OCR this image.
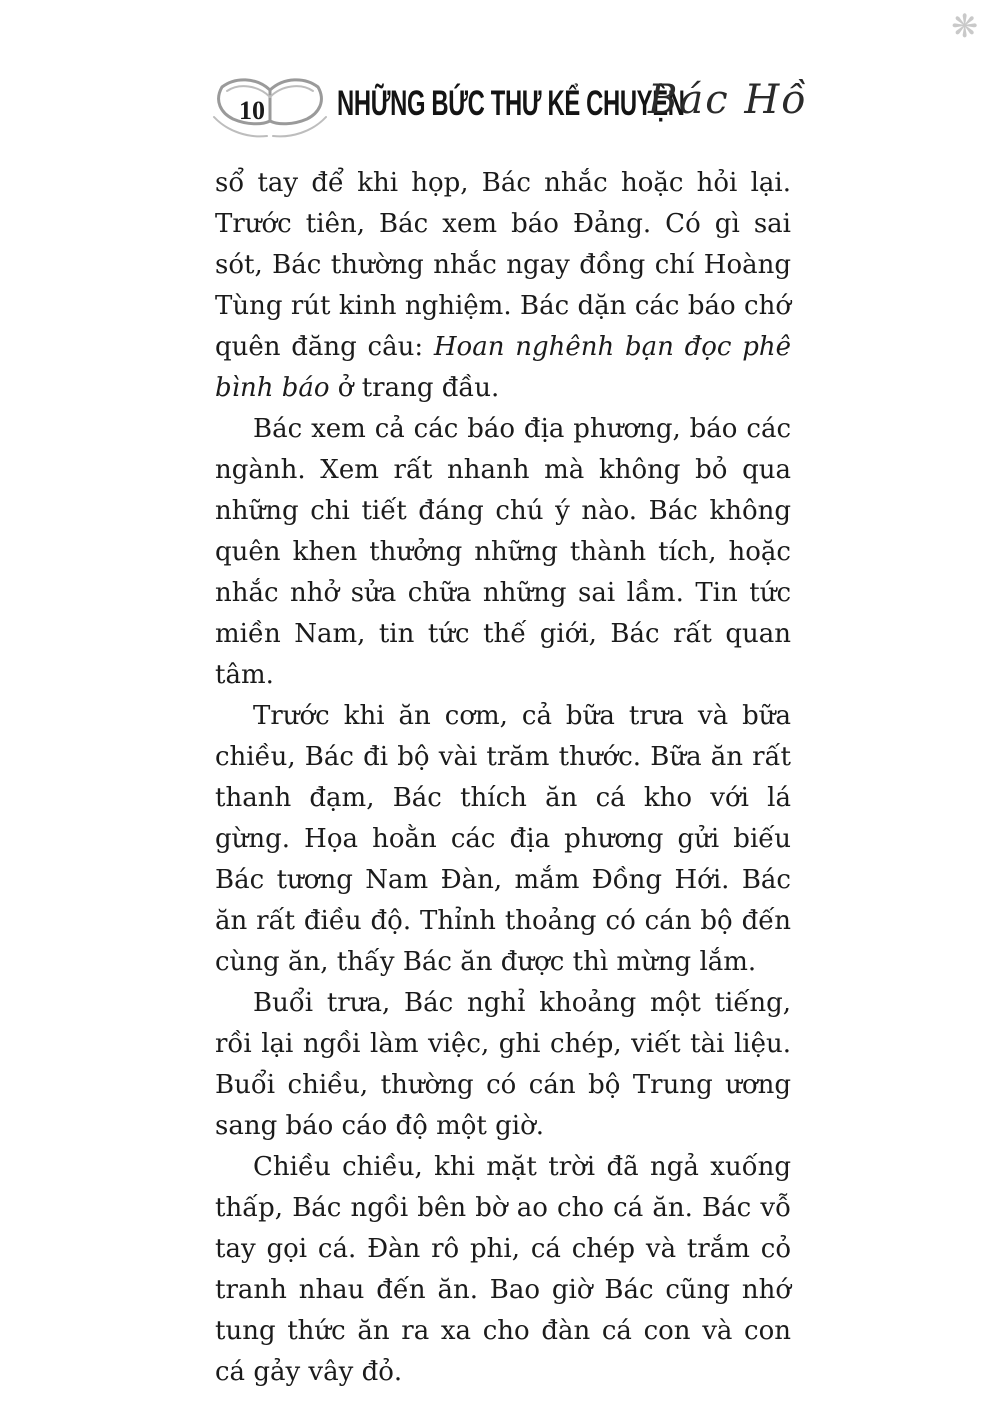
❋
10 NHỮNG BỨC THƯ KỂ CHUYỆN
Bác Hồ

sổ tay để khi họp, Bác nhắc hoặc hỏi lại. Trước tiên, Bác xem báo Đảng. Có gì sai sót, Bác thường nhắc ngay đồng chí Hoàng Tùng rút kinh nghiệm. Bác dặn các báo chớ quên đăng câu: Hoan nghênh bạn đọc phê bình báo ở trang đầu.

Bác xem cả các báo địa phương, báo các ngành. Xem rất nhanh mà không bỏ qua những chi tiết đáng chú ý nào. Bác không quên khen thưởng những thành tích, hoặc nhắc nhở sửa chữa những sai lầm. Tin tức miền Nam, tin tức thế giới, Bác rất quan tâm.

Trước khi ăn cơm, cả bữa trưa và bữa chiều, Bác đi bộ vài trăm thước. Bữa ăn rất thanh đạm, Bác thích ăn cá kho với lá gừng. Họa hoằn các địa phương gửi biếu Bác tương Nam Đàn, mắm Đồng Hới. Bác ăn rất điều độ. Thỉnh thoảng có cán bộ đến cùng ăn, thấy Bác ăn được thì mừng lắm.

Buổi trưa, Bác nghỉ khoảng một tiếng, rồi lại ngồi làm việc, ghi chép, viết tài liệu. Buổi chiều, thường có cán bộ Trung ương sang báo cáo độ một giờ.

Chiều chiều, khi mặt trời đã ngả xuống thấp, Bác ngồi bên bờ ao cho cá ăn. Bác vỗ tay gọi cá. Đàn rô phi, cá chép và trắm cỏ tranh nhau đến ăn. Bao giờ Bác cũng nhớ tung thức ăn ra xa cho đàn cá con và con cá gảy vây đỏ.
